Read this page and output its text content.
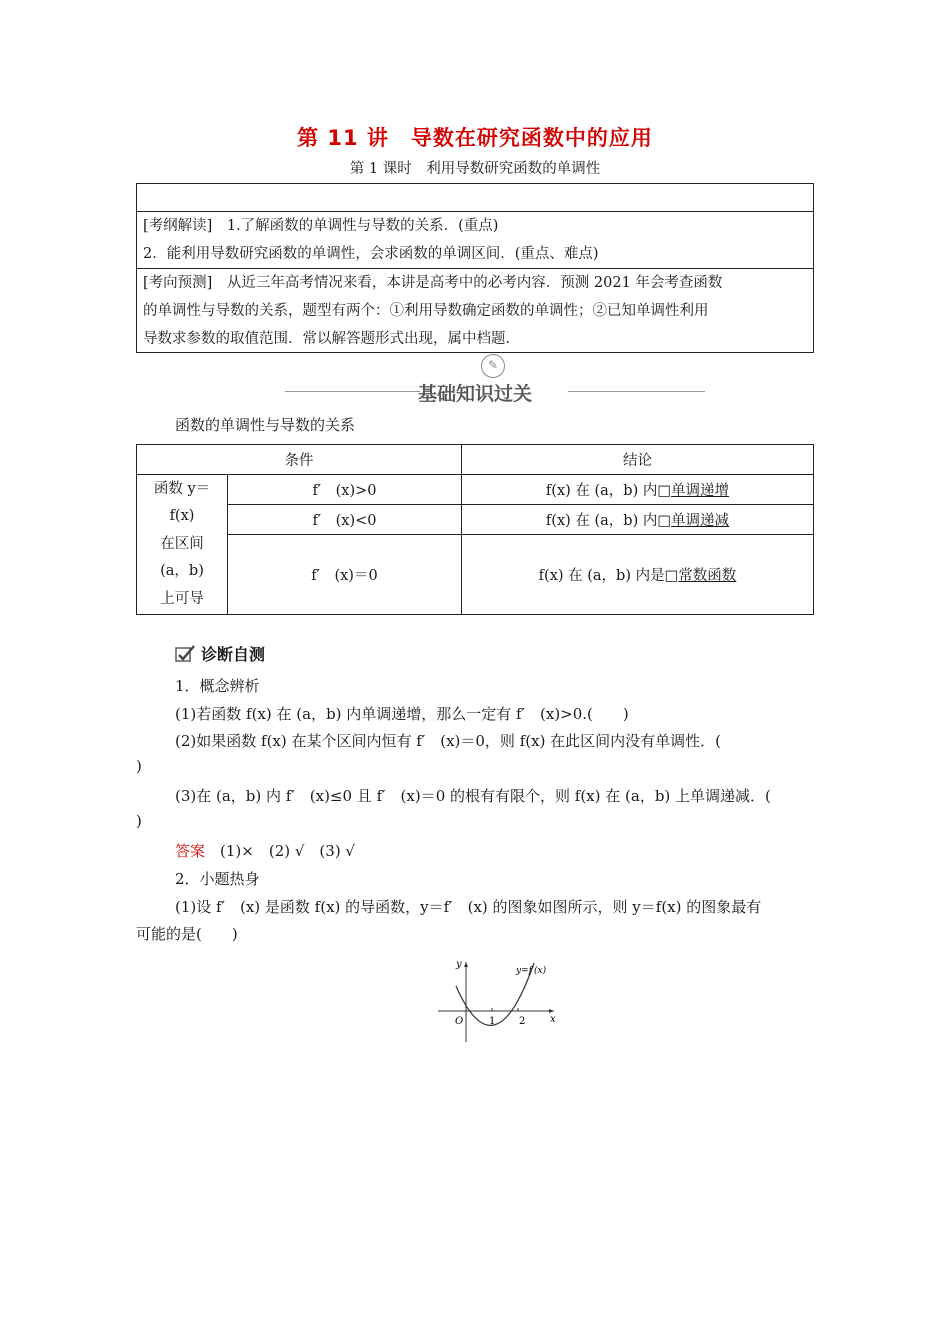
第 11 讲　导数在研究函数中的应用
第 1 课时　利用导数研究函数的单调性
[考纲解读]　1.了解函数的单调性与导数的关系．(重点)
2．能利用导数研究函数的单调性，会求函数的单调区间．(重点、难点)
[考向预测]　从近三年高考情况来看，本讲是高考中的必考内容．预测 2021 年会考查函数
的单调性与导数的关系，题型有两个：①利用导数确定函数的单调性；②已知单调性利用
导数求参数的取值范围．常以解答题形式出现，属中档题.
✎
基础知识过关
函数的单调性与导数的关系
条件		结论

函数 y＝
f(x)
在区间
(a，b)
上可导	f′　(x)>0	f(x) 在 (a，b) 内□单调递增
	f′　(x)<0	f(x) 在 (a，b) 内□单调递减
	f′　(x)＝0	f(x) 在 (a，b) 内是□常数函数
诊断自测
1．概念辨析
(1)若函数 f(x) 在 (a，b) 内单调递增，那么一定有 f′　(x)>0.(　　)
(2)如果函数 f(x) 在某个区间内恒有 f′　(x)＝0，则 f(x) 在此区间内没有单调性．(
)
(3)在 (a，b) 内 f′　(x)≤0 且 f′　(x)＝0 的根有有限个，则 f(x) 在 (a，b) 上单调递减．(
)
答案　 (1)×　(2) √　(3) √
2．小题热身
(1)设 f′　(x) 是函数 f(x) 的导函数，y＝f′　(x) 的图象如图所示，则 y＝f(x) 的图象最有
可能的是(　　)
y
x
O	1 2
y=f′(x)
